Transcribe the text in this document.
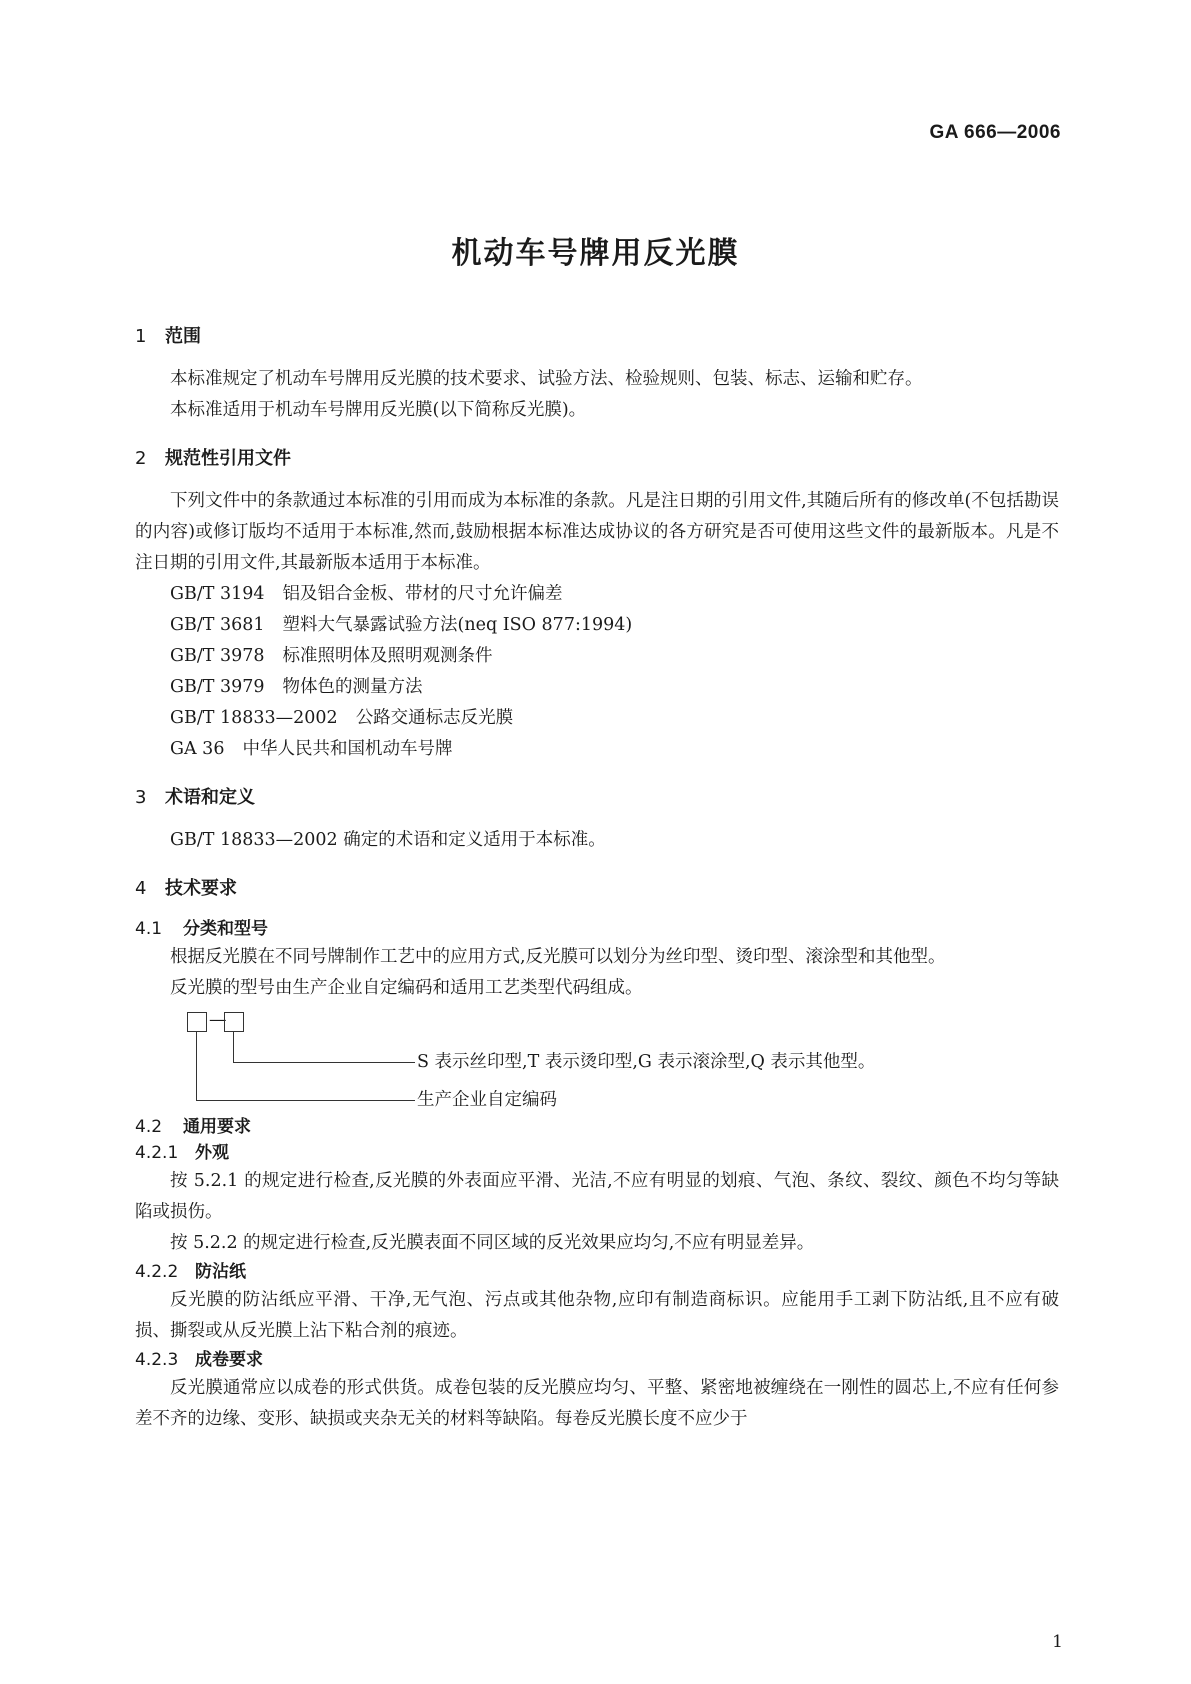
GA 666—2006
机动车号牌用反光膜
1 范围

本标准规定了机动车号牌用反光膜的技术要求、试验方法、检验规则、包装、标志、运输和贮存。

本标准适用于机动车号牌用反光膜(以下简称反光膜)。

2 规范性引用文件

下列文件中的条款通过本标准的引用而成为本标准的条款。凡是注日期的引用文件,其随后所有的修改单(不包括勘误的内容)或修订版均不适用于本标准,然而,鼓励根据本标准达成协议的各方研究是否可使用这些文件的最新版本。凡是不注日期的引用文件,其最新版本适用于本标准。

GB/T 3194 铝及铝合金板、带材的尺寸允许偏差

GB/T 3681 塑料大气暴露试验方法(neq ISO 877:1994)

GB/T 3978 标准照明体及照明观测条件

GB/T 3979 物体色的测量方法

GB/T 18833—2002 公路交通标志反光膜

GA 36 中华人民共和国机动车号牌

3 术语和定义

GB/T 18833—2002 确定的术语和定义适用于本标准。

4 技术要求
4.1 分类和型号

根据反光膜在不同号牌制作工艺中的应用方式,反光膜可以划分为丝印型、烫印型、滚涂型和其他型。

反光膜的型号由生产企业自定编码和适用工艺类型代码组成。

—
S 表示丝印型,T 表示烫印型,G 表示滚涂型,Q 表示其他型。
生产企业自定编码
4.2 通用要求
4.2.1 外观

按 5.2.1 的规定进行检查,反光膜的外表面应平滑、光洁,不应有明显的划痕、气泡、条纹、裂纹、颜色不均匀等缺陷或损伤。

按 5.2.2 的规定进行检查,反光膜表面不同区域的反光效果应均匀,不应有明显差异。

4.2.2 防沾纸

反光膜的防沾纸应平滑、干净,无气泡、污点或其他杂物,应印有制造商标识。应能用手工剥下防沾纸,且不应有破损、撕裂或从反光膜上沾下粘合剂的痕迹。

4.2.3 成卷要求

反光膜通常应以成卷的形式供货。成卷包装的反光膜应均匀、平整、紧密地被缠绕在一刚性的圆芯上,不应有任何参差不齐的边缘、变形、缺损或夹杂无关的材料等缺陷。每卷反光膜长度不应少于

1
